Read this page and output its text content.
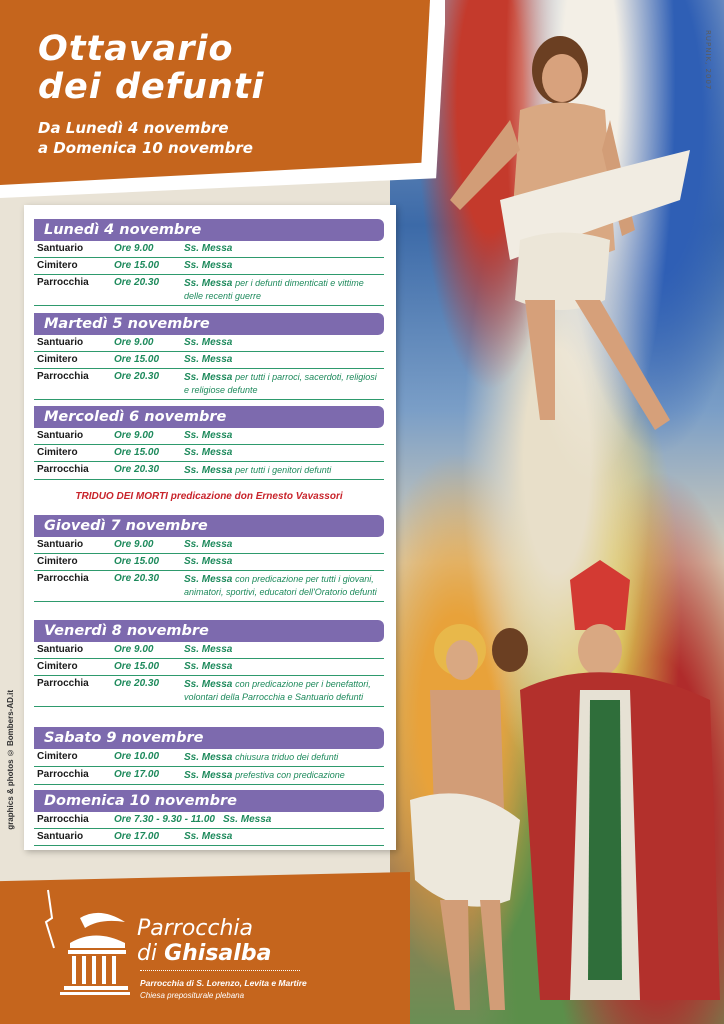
RUPNIK, 2007
Ottavario
dei defunti
Da Lunedì 4 novembre
a Domenica 10 novembre
Lunedì 4 novembre
Santuario	Ore 9.00	Ss. Messa
Cimitero	Ore 15.00	Ss. Messa
Parrocchia	Ore 20.30	Ss. Messa per i defunti dimenticati e vittime delle recenti guerre
Martedì 5 novembre
Santuario	Ore 9.00	Ss. Messa
Cimitero	Ore 15.00	Ss. Messa
Parrocchia	Ore 20.30	Ss. Messa per tutti i parroci, sacerdoti, religiosi e religiose defunte
Mercoledì 6 novembre
Santuario	Ore 9.00	Ss. Messa
Cimitero	Ore 15.00	Ss. Messa
Parrocchia	Ore 20.30	Ss. Messa per tutti i genitori defunti
TRIDUO DEI MORTI predicazione don Ernesto Vavassori
Giovedì 7 novembre
Santuario	Ore 9.00	Ss. Messa
Cimitero	Ore 15.00	Ss. Messa
Parrocchia	Ore 20.30	Ss. Messa con predicazione per tutti i giovani, animatori, sportivi, educatori dell'Oratorio defunti
Venerdì 8 novembre
Santuario	Ore 9.00	Ss. Messa
Cimitero	Ore 15.00	Ss. Messa
Parrocchia	Ore 20.30	Ss. Messa con predicazione per i benefattori, volontari della Parrocchia e Santuario defunti
Sabato 9 novembre
Cimitero	Ore 10.00	Ss. Messa chiusura triduo dei defunti
Parrocchia	Ore 17.00	Ss. Messa prefestiva con predicazione
Domenica 10 novembre
Parrocchia	Ore 7.30 - 9.30 - 11.00 Ss. Messa
Santuario	Ore 17.00	Ss. Messa
graphics & photos © Bombers-AD.it
Parrocchia
di Ghisalba
Parrocchia di S. Lorenzo, Levita e Martire
Chiesa prepositurale plebana
